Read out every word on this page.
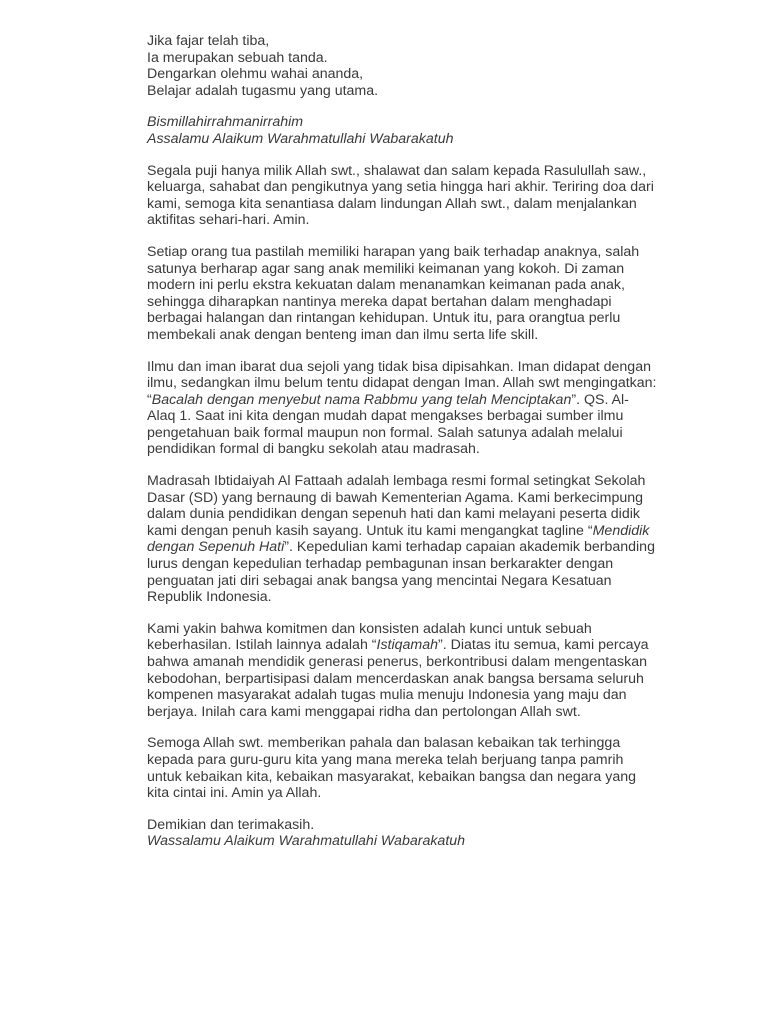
Jika fajar telah tiba,
Ia merupakan sebuah tanda.
Dengarkan olehmu wahai ananda,
Belajar adalah tugasmu yang utama.
Bismillahirrahmanirrahim
Assalamu Alaikum Warahmatullahi Wabarakatuh

Segala puji hanya milik Allah swt., shalawat dan salam kepada Rasulullah saw., keluarga, sahabat dan pengikutnya yang setia hingga hari akhir. Teriring doa dari kami, semoga kita senantiasa dalam lindungan Allah swt., dalam menjalankan aktifitas sehari-hari. Amin.

Setiap orang tua pastilah memiliki harapan yang baik terhadap anaknya, salah satunya berharap agar sang anak memiliki keimanan yang kokoh. Di zaman modern ini perlu ekstra kekuatan dalam menanamkan keimanan pada anak, sehingga diharapkan nantinya mereka dapat bertahan dalam menghadapi berbagai halangan dan rintangan kehidupan. Untuk itu, para orangtua perlu membekali anak dengan benteng iman dan ilmu serta life skill.

Ilmu dan iman ibarat dua sejoli yang tidak bisa dipisahkan. Iman didapat dengan ilmu, sedangkan ilmu belum tentu didapat dengan Iman. Allah swt mengingatkan: “Bacalah dengan menyebut nama Rabbmu yang telah Menciptakan”. QS. Al-Alaq 1. Saat ini kita dengan mudah dapat mengakses berbagai sumber ilmu pengetahuan baik formal maupun non formal. Salah satunya adalah melalui pendidikan formal di bangku sekolah atau madrasah.

Madrasah Ibtidaiyah Al Fattaah adalah lembaga resmi formal setingkat Sekolah Dasar (SD) yang bernaung di bawah Kementerian Agama. Kami berkecimpung dalam dunia pendidikan dengan sepenuh hati dan kami melayani peserta didik kami dengan penuh kasih sayang. Untuk itu kami mengangkat tagline “Mendidik dengan Sepenuh Hati”. Kepedulian kami terhadap capaian akademik berbanding lurus dengan kepedulian terhadap pembagunan insan berkarakter dengan penguatan jati diri sebagai anak bangsa yang mencintai Negara Kesatuan Republik Indonesia.

Kami yakin bahwa komitmen dan konsisten adalah kunci untuk sebuah keberhasilan. Istilah lainnya adalah “Istiqamah”. Diatas itu semua, kami percaya bahwa amanah mendidik generasi penerus, berkontribusi dalam mengentaskan kebodohan, berpartisipasi dalam mencerdaskan anak bangsa bersama seluruh kompenen masyarakat adalah tugas mulia menuju Indonesia yang maju dan berjaya. Inilah cara kami menggapai ridha dan pertolongan Allah swt.

Semoga Allah swt. memberikan pahala dan balasan kebaikan tak terhingga kepada para guru-guru kita yang mana mereka telah berjuang tanpa pamrih untuk kebaikan kita, kebaikan masyarakat, kebaikan bangsa dan negara yang kita cintai ini. Amin ya Allah.

Demikian dan terimakasih.
Wassalamu Alaikum Warahmatullahi Wabarakatuh
